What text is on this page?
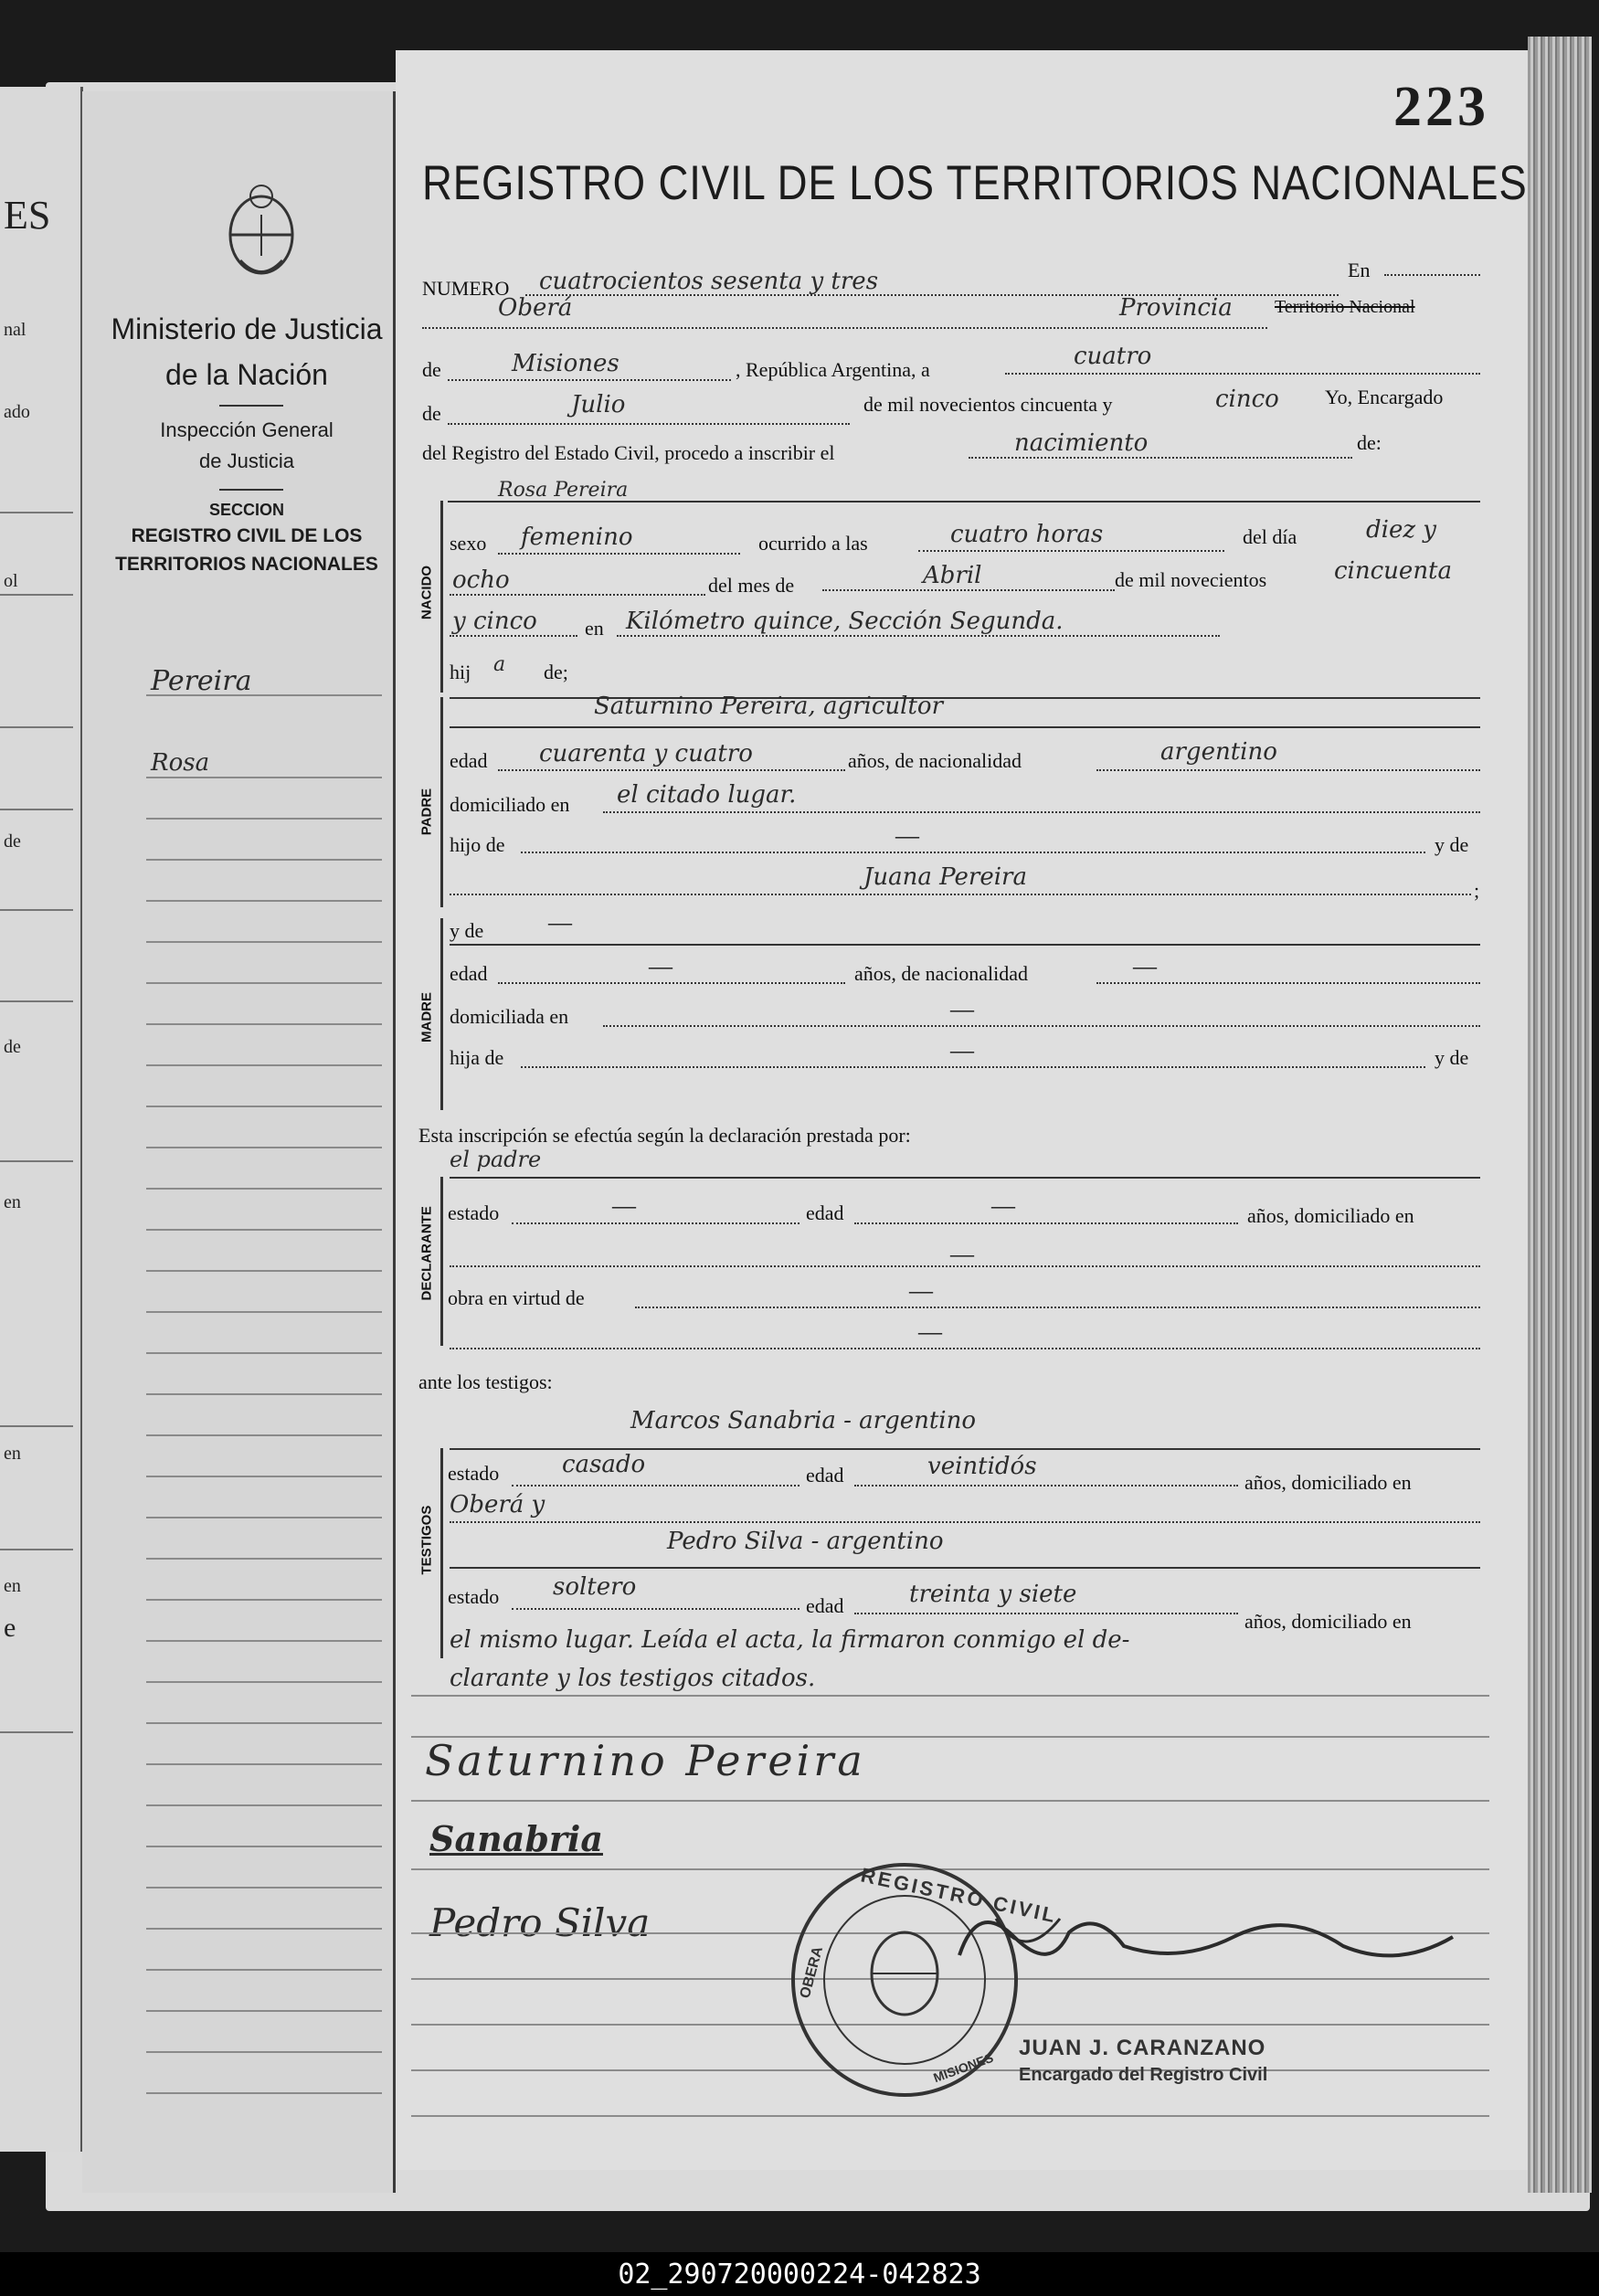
ES
nal
ado
ol
de
de
en
en
en
e
Ministerio de Justicia
de la Nación
Inspección General
de Justicia
SECCION
REGISTRO CIVIL DE LOS
TERRITORIOS NACIONALES
Pereira
Rosa
223
REGISTRO CIVIL DE LOS TERRITORIOS NACIONALES
NUMERO cuatrocientos sesenta y tres	En
Oberá	Provincia Territorio Nacional
de	Misiones	, República Argentina, a	cuatro
de	Julio	de mil novecientos cincuenta y	cinco Yo, Encargado
del Registro del Estado Civil, procedo a inscribir el	nacimiento	de:
Rosa Pereira
NACIDO
sexo femenino	ocurrido a las	cuatro horas	del día	diez y
ocho	del mes de	Abril	de mil novecientos	cincuenta
y cinco en Kilómetro quince, Sección Segunda.
hij a de;
PADRE
Saturnino Pereira, agricultor
edad cuarenta y cuatro	años, de nacionalidad	argentino
domiciliado en el citado lugar.
hijo de	—	y de
Juana Pereira	;
MADRE
y de	—
edad	—	años, de nacionalidad	—
domiciliada en	—
hija de	—	y de
Esta inscripción se efectúa según la declaración prestada por:
el padre
DECLARANTE estado	—	edad	—	años, domiciliado en
—
obra en virtud de	—
—
ante los testigos:
Marcos Sanabria - argentino
TESTIGOS
estado	casado	edad	veintidós
años, domiciliado en
Oberá y
Pedro Silva - argentino
estado soltero
edad	treinta y siete
años, domiciliado en
el mismo lugar. Leída el acta, la firmaron conmigo el de-
clarante y los testigos citados.
Saturnino Pereira
Sanabria
Pedro Silva	REGISTRO CIVIL
OBERA
MISIONES
JUAN J. CARANZANO
Encargado del Registro Civil
02_290720000224-042823
